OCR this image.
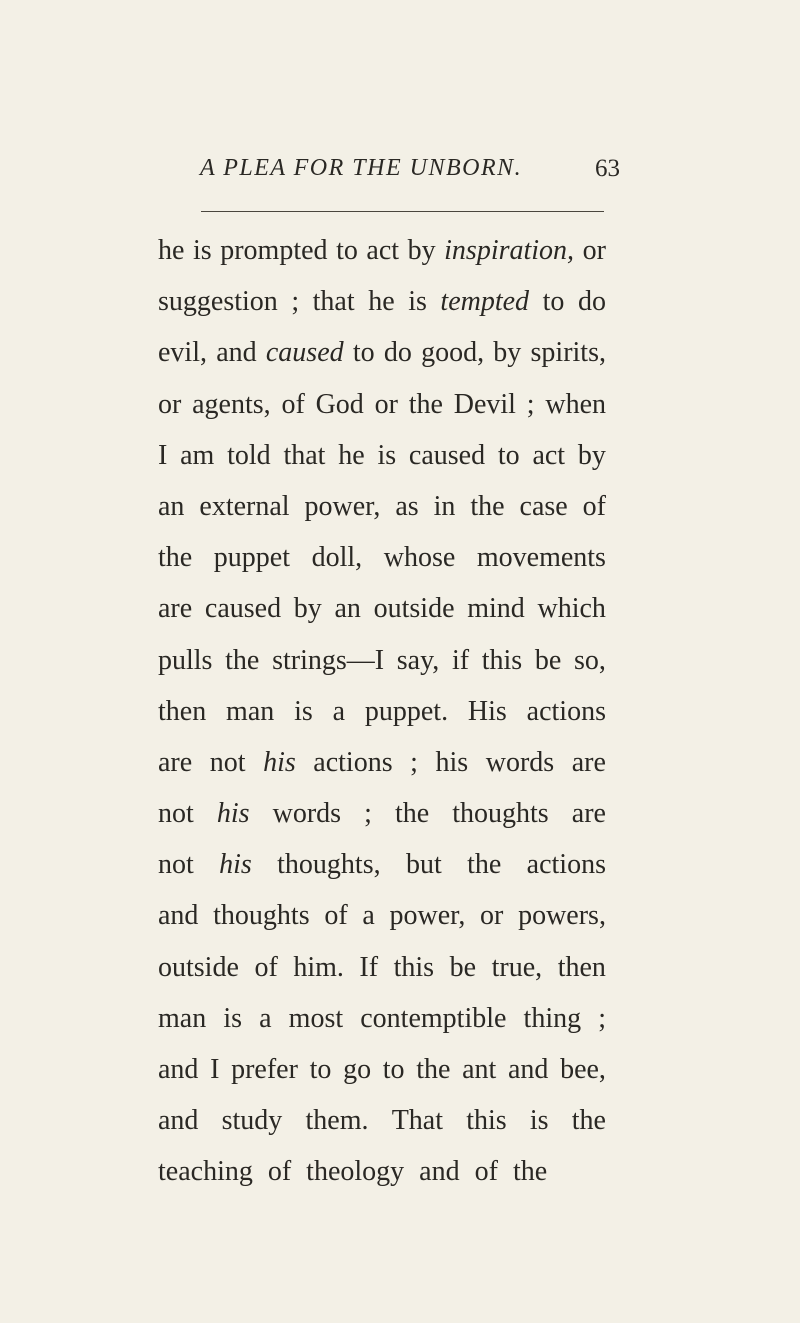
A PLEA FOR THE UNBORN.	63
he is prompted to act by inspiration, or
suggestion ; that he is tempted to do
evil, and caused to do good, by spirits,
or agents, of God or the Devil ; when
I am told that he is caused to act by
an external power, as in the case of
the puppet doll, whose movements
are caused by an outside mind which
pulls the strings—I say, if this be so,
then man is a puppet. His actions
are not his actions ; his words are
not his words ; the thoughts are
not his thoughts, but the actions
and thoughts of a power, or powers,
outside of him. If this be true, then
man is a most contemptible thing ;
and I prefer to go to the ant and bee,
and study them. That this is the
teaching of theology and of the
